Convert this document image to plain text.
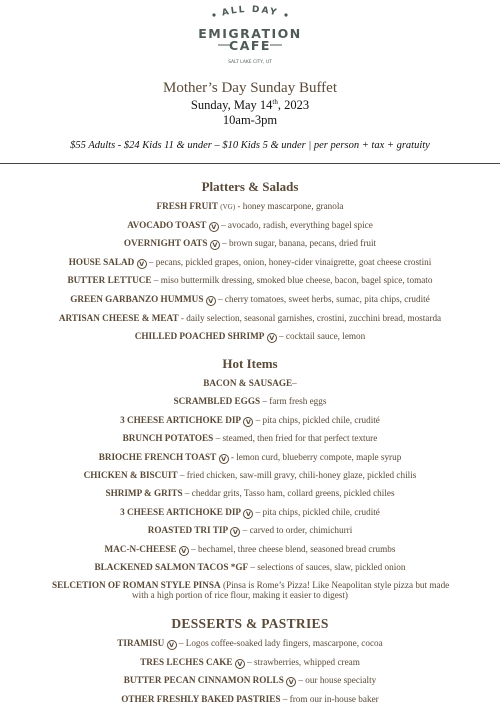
ALL DAY
EMIGRATION
CAFE
SALT LAKE CITY, UT
Mother’s Day Sunday Buffet
Sunday, May 14th, 2023
10am-3pm
$55 Adults - $24 Kids 11 & under – $10 Kids 5 & under | per person + tax + gratuity
Platters & Salads
FRESH FRUIT (VG) - honey mascarpone, granola
AVOCADO TOAST V – avocado, radish, everything bagel spice
OVERNIGHT OATS V – brown sugar, banana, pecans, dried fruit
HOUSE SALAD V – pecans, pickled grapes, onion, honey-cider vinaigrette, goat cheese crostini
BUTTER LETTUCE – miso buttermilk dressing, smoked blue cheese, bacon, bagel spice, tomato
GREEN GARBANZO HUMMUS V – cherry tomatoes, sweet herbs, sumac, pita chips, crudité
ARTISAN CHEESE & MEAT - daily selection, seasonal garnishes, crostini, zucchini bread, mostarda
CHILLED POACHED SHRIMP V – cocktail sauce, lemon
Hot Items
BACON & SAUSAGE–
SCRAMBLED EGGS – farm fresh eggs
3 CHEESE ARTICHOKE DIP V – pita chips, pickled chile, crudité
BRUNCH POTATOES – steamed, then fried for that perfect texture
BRIOCHE FRENCH TOAST V - lemon curd, blueberry compote, maple syrup
CHICKEN & BISCUIT – fried chicken, saw-mill gravy, chili-honey glaze, pickled chilis
SHRIMP & GRITS – cheddar grits, Tasso ham, collard greens, pickled chiles
3 CHEESE ARTICHOKE DIP V – pita chips, pickled chile, crudité
ROASTED TRI TIP V – carved to order, chimichurri
MAC-N-CHEESE V – bechamel, three cheese blend, seasoned bread crumbs
BLACKENED SALMON TACOS *GF – selections of sauces, slaw, pickled onion
SELCETION OF ROMAN STYLE PINSA (Pinsa is Rome’s Pizza! Like Neapolitan style pizza but made
with a high portion of rice flour, making it easier to digest)
DESSERTS & PASTRIES
TIRAMISU V – Logos coffee-soaked lady fingers, mascarpone, cocoa
TRES LECHES CAKE V – strawberries, whipped cream
BUTTER PECAN CINNAMON ROLLS V – our house specialty
OTHER FRESHLY BAKED PASTRIES – from our in-house baker
